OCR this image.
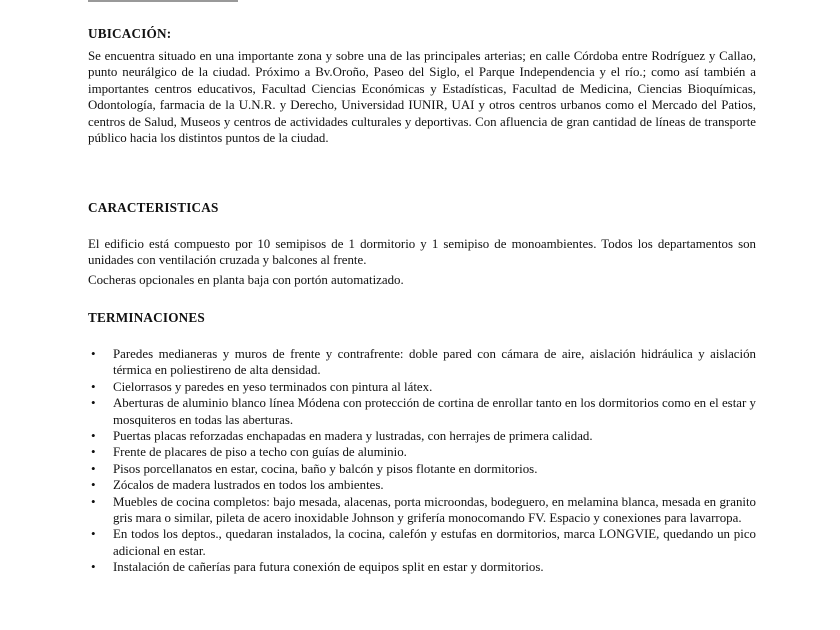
UBICACIÓN:

Se encuentra situado en una importante zona y sobre una de las principales arterias; en calle Córdoba entre Rodríguez y Callao, punto neurálgico de la ciudad. Próximo a Bv.Oroño, Paseo del Siglo, el Parque Independencia y el río.; como así también a importantes centros educativos, Facultad Ciencias Económicas y Estadísticas, Facultad de Medicina, Ciencias Bioquímicas, Odontología, farmacia de la U.N.R. y Derecho, Universidad IUNIR, UAI y otros centros urbanos como el Mercado del Patios, centros de Salud, Museos y centros de actividades culturales y deportivas. Con afluencia de gran cantidad de líneas de transporte público hacia los distintos puntos de la ciudad.

CARACTERISTICAS

El edificio está compuesto por 10 semipisos de 1 dormitorio y 1 semipiso de monoambientes. Todos los departamentos son unidades con ventilación cruzada y balcones al frente.

Cocheras opcionales en planta baja con portón automatizado.

TERMINACIONES
• Paredes medianeras y muros de frente y contrafrente: doble pared con cámara de aire, aislación hidráulica y aislación térmica en poliestireno de alta densidad.
• Cielorrasos y paredes en yeso terminados con pintura al látex.
• Aberturas de aluminio blanco línea Módena con protección de cortina de enrollar tanto en los dormitorios como en el estar y mosquiteros en todas las aberturas.
• Puertas placas reforzadas enchapadas en madera y lustradas, con herrajes de primera calidad.
• Frente de placares de piso a techo con guías de aluminio.
• Pisos porcellanatos en estar, cocina, baño y balcón y pisos flotante en dormitorios.
• Zócalos de madera lustrados en todos los ambientes.
• Muebles de cocina completos: bajo mesada, alacenas, porta microondas, bodeguero, en melamina blanca, mesada en granito gris mara o similar, pileta de acero inoxidable Johnson y grifería monocomando FV. Espacio y conexiones para lavarropa.
• En todos los deptos., quedaran instalados, la cocina, calefón y estufas en dormitorios, marca LONGVIE, quedando un pico adicional en estar.
• Instalación de cañerías para futura conexión de equipos split en estar y dormitorios.
